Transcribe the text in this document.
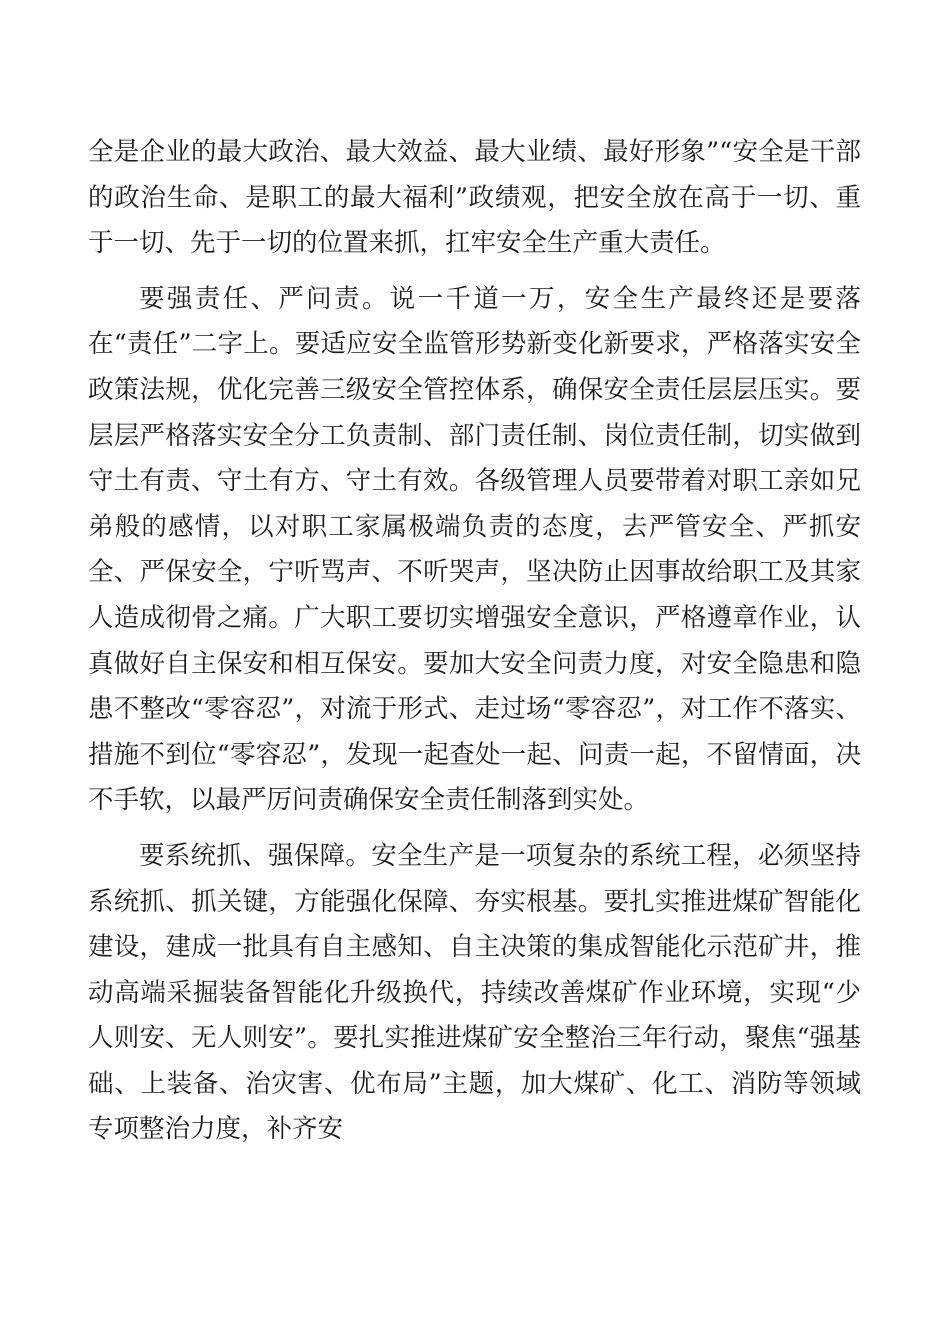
全是企业的最大政治、最大效益、最大业绩、最好形象”“安全是干部的政治生命、是职工的最大福利”政绩观，把安全放在高于一切、重于一切、先于一切的位置来抓，扛牢安全生产重大责任。

要强责任、严问责。说一千道一万，安全生产最终还是要落在“责任”二字上。要适应安全监管形势新变化新要求，严格落实安全政策法规，优化完善三级安全管控体系，确保安全责任层层压实。要层层严格落实安全分工负责制、部门责任制、岗位责任制，切实做到守土有责、守土有方、守土有效。各级管理人员要带着对职工亲如兄弟般的感情，以对职工家属极端负责的态度，去严管安全、严抓安全、严保安全，宁听骂声、不听哭声，坚决防止因事故给职工及其家人造成彻骨之痛。广大职工要切实增强安全意识，严格遵章作业，认真做好自主保安和相互保安。要加大安全问责力度，对安全隐患和隐患不整改“零容忍”，对流于形式、走过场“零容忍”，对工作不落实、措施不到位“零容忍”，发现一起查处一起、问责一起，不留情面，决不手软，以最严厉问责确保安全责任制落到实处。

要系统抓、强保障。安全生产是一项复杂的系统工程，必须坚持系统抓、抓关键，方能强化保障、夯实根基。要扎实推进煤矿智能化建设，建成一批具有自主感知、自主决策的集成智能化示范矿井，推动高端采掘装备智能化升级换代，持续改善煤矿作业环境，实现“少人则安、无人则安”。要扎实推进煤矿安全整治三年行动，聚焦“强基础、上装备、治灾害、优布局”主题，加大煤矿、化工、消防等领域专项整治力度，补齐安
